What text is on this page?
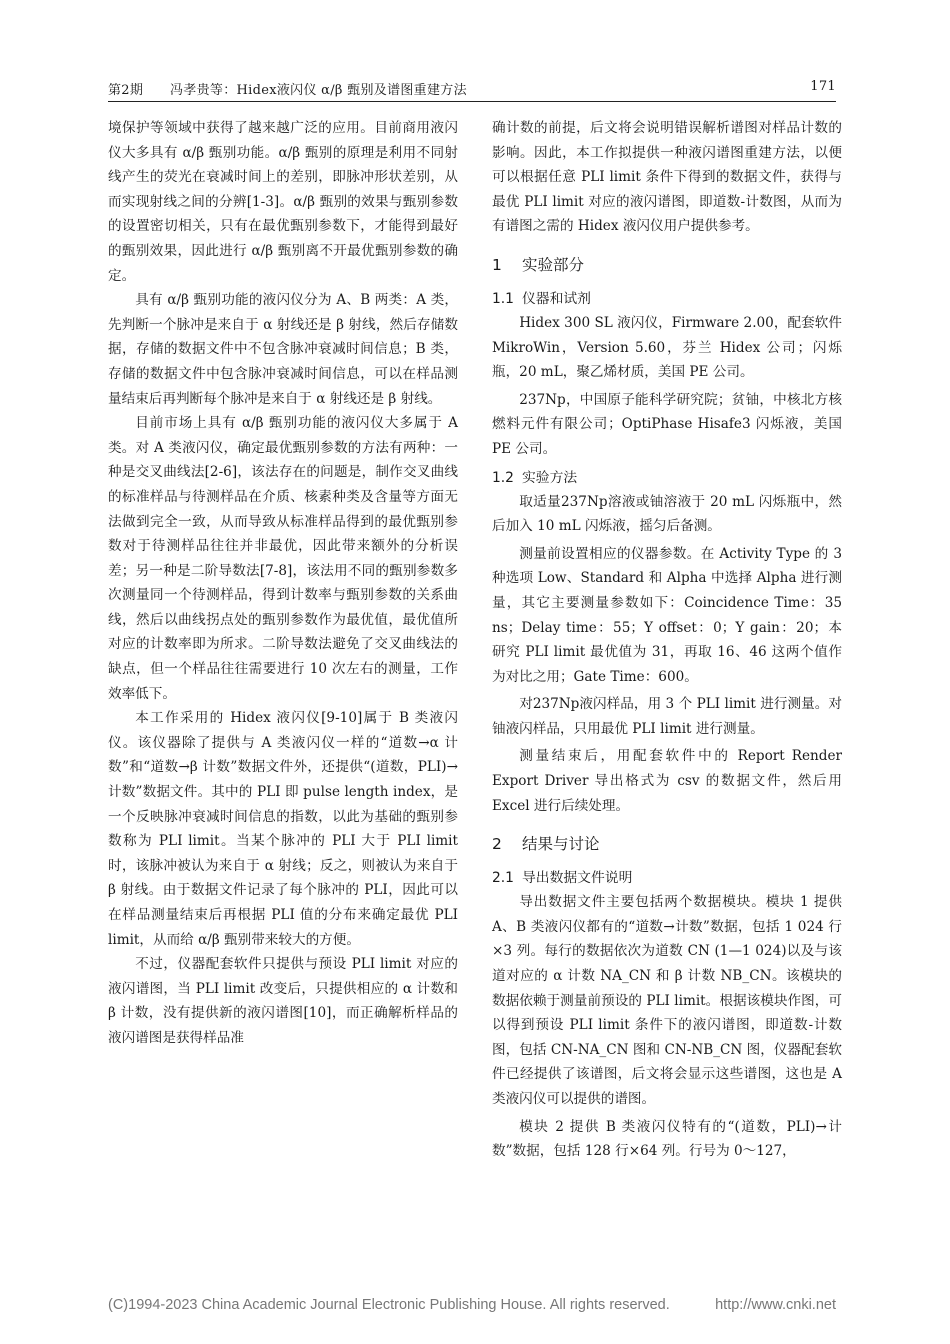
第2期 冯孝贵等：Hidex液闪仪 α/β 甄别及谱图重建方法	171

境保护等领域中获得了越来越广泛的应用。目前商用液闪仪大多具有 α/β 甄别功能。α/β 甄别的原理是利用不同射线产生的荧光在衰减时间上的差别，即脉冲形状差别，从而实现射线之间的分辨[1-3]。α/β 甄别的效果与甄别参数的设置密切相关，只有在最优甄别参数下，才能得到最好的甄别效果，因此进行 α/β 甄别离不开最优甄别参数的确定。

具有 α/β 甄别功能的液闪仪分为 A、B 两类：A 类，先判断一个脉冲是来自于 α 射线还是 β 射线，然后存储数据，存储的数据文件中不包含脉冲衰减时间信息；B 类，存储的数据文件中包含脉冲衰减时间信息，可以在样品测量结束后再判断每个脉冲是来自于 α 射线还是 β 射线。

目前市场上具有 α/β 甄别功能的液闪仪大多属于 A 类。对 A 类液闪仪，确定最优甄别参数的方法有两种：一种是交叉曲线法[2-6]，该法存在的问题是，制作交叉曲线的标准样品与待测样品在介质、核素种类及含量等方面无法做到完全一致，从而导致从标准样品得到的最优甄别参数对于待测样品往往并非最优，因此带来额外的分析误差；另一种是二阶导数法[7-8]，该法用不同的甄别参数多次测量同一个待测样品，得到计数率与甄别参数的关系曲线，然后以曲线拐点处的甄别参数作为最优值，最优值所对应的计数率即为所求。二阶导数法避免了交叉曲线法的缺点，但一个样品往往需要进行 10 次左右的测量，工作效率低下。

本工作采用的 Hidex 液闪仪[9-10]属于 B 类液闪仪。该仪器除了提供与 A 类液闪仪一样的“道数→α 计数”和“道数→β 计数”数据文件外，还提供“(道数，PLI)→计数”数据文件。其中的 PLI 即 pulse length index，是一个反映脉冲衰减时间信息的指数，以此为基础的甄别参数称为 PLI limit。当某个脉冲的 PLI 大于 PLI limit 时，该脉冲被认为来自于 α 射线；反之，则被认为来自于 β 射线。由于数据文件记录了每个脉冲的 PLI，因此可以在样品测量结束后再根据 PLI 值的分布来确定最优 PLI limit，从而给 α/β 甄别带来较大的方便。

不过，仪器配套软件只提供与预设 PLI limit 对应的液闪谱图，当 PLI limit 改变后，只提供相应的 α 计数和 β 计数，没有提供新的液闪谱图[10]，而正确解析样品的液闪谱图是获得样品准

确计数的前提，后文将会说明错误解析谱图对样品计数的影响。因此，本工作拟提供一种液闪谱图重建方法，以便可以根据任意 PLI limit 条件下得到的数据文件，获得与最优 PLI limit 对应的液闪谱图，即道数-计数图，从而为有谱图之需的 Hidex 液闪仪用户提供参考。

1 实验部分
1.1 仪器和试剂

Hidex 300 SL 液闪仪，Firmware 2.00，配套软件 MikroWin，Version 5.60，芬兰 Hidex 公司；闪烁瓶，20 mL，聚乙烯材质，美国 PE 公司。

237Np，中国原子能科学研究院；贫铀，中核北方核燃料元件有限公司；OptiPhase Hisafe3 闪烁液，美国 PE 公司。

1.2 实验方法

取适量237Np溶液或铀溶液于 20 mL 闪烁瓶中，然后加入 10 mL 闪烁液，摇匀后备测。

测量前设置相应的仪器参数。在 Activity Type 的 3 种选项 Low、Standard 和 Alpha 中选择 Alpha 进行测量，其它主要测量参数如下：Coincidence Time：35 ns；Delay time：55；Y offset：0；Y gain：20；本研究 PLI limit 最优值为 31，再取 16、46 这两个值作为对比之用；Gate Time：600。

对237Np液闪样品，用 3 个 PLI limit 进行测量。对铀液闪样品，只用最优 PLI limit 进行测量。

测量结束后，用配套软件中的 Report Render Export Driver 导出格式为 csv 的数据文件，然后用 Excel 进行后续处理。

2 结果与讨论
2.1 导出数据文件说明

导出数据文件主要包括两个数据模块。模块 1 提供 A、B 类液闪仪都有的“道数→计数”数据，包括 1 024 行×3 列。每行的数据依次为道数 CN (1—1 024)以及与该道对应的 α 计数 NA_CN 和 β 计数 NB_CN。该模块的数据依赖于测量前预设的 PLI limit。根据该模块作图，可以得到预设 PLI limit 条件下的液闪谱图，即道数-计数图，包括 CN-NA_CN 图和 CN-NB_CN 图，仪器配套软件已经提供了该谱图，后文将会显示这些谱图，这也是 A 类液闪仪可以提供的谱图。

模块 2 提供 B 类液闪仪特有的“(道数，PLI)→计数”数据，包括 128 行×64 列。行号为 0～127，

(C)1994-2023 China Academic Journal Electronic Publishing House. All rights reserved.	http://www.cnki.net
